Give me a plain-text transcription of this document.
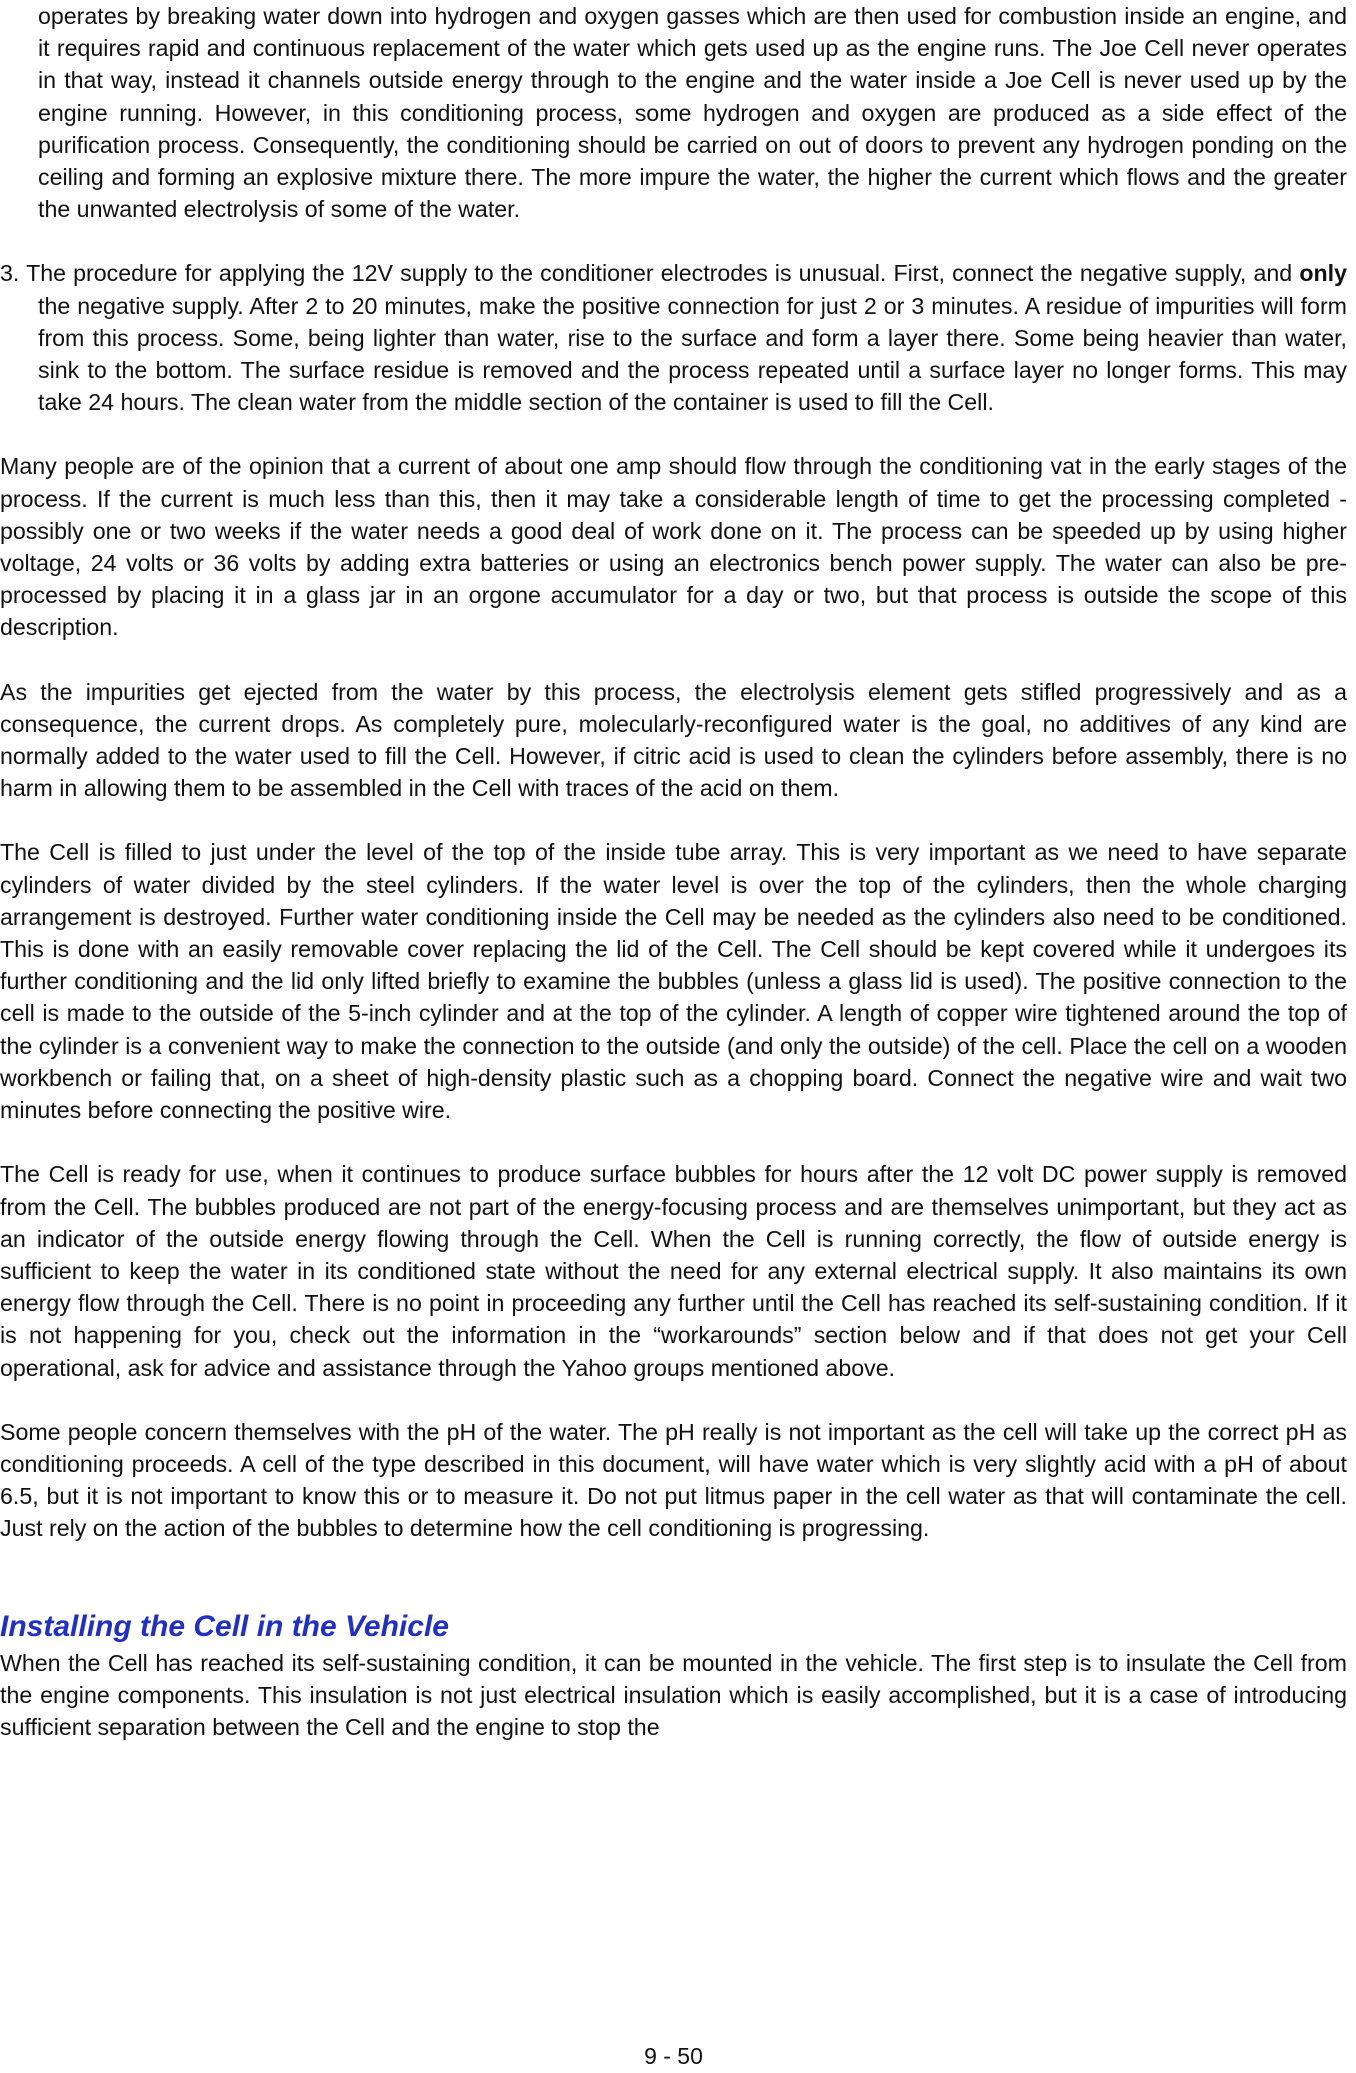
operates by breaking water down into hydrogen and oxygen gasses which are then used for combustion inside an engine, and it requires rapid and continuous replacement of the water which gets used up as the engine runs. The Joe Cell never operates in that way, instead it channels outside energy through to the engine and the water inside a Joe Cell is never used up by the engine running. However, in this conditioning process, some hydrogen and oxygen are produced as a side effect of the purification process. Consequently, the conditioning should be carried on out of doors to prevent any hydrogen ponding on the ceiling and forming an explosive mixture there. The more impure the water, the higher the current which flows and the greater the unwanted electrolysis of some of the water.

3. The procedure for applying the 12V supply to the conditioner electrodes is unusual. First, connect the negative supply, and only the negative supply. After 2 to 20 minutes, make the positive connection for just 2 or 3 minutes. A residue of impurities will form from this process. Some, being lighter than water, rise to the surface and form a layer there. Some being heavier than water, sink to the bottom. The surface residue is removed and the process repeated until a surface layer no longer forms. This may take 24 hours. The clean water from the middle section of the container is used to fill the Cell.

Many people are of the opinion that a current of about one amp should flow through the conditioning vat in the early stages of the process. If the current is much less than this, then it may take a considerable length of time to get the processing completed - possibly one or two weeks if the water needs a good deal of work done on it. The process can be speeded up by using higher voltage, 24 volts or 36 volts by adding extra batteries or using an electronics bench power supply. The water can also be pre-processed by placing it in a glass jar in an orgone accumulator for a day or two, but that process is outside the scope of this description.

As the impurities get ejected from the water by this process, the electrolysis element gets stifled progressively and as a consequence, the current drops. As completely pure, molecularly-reconfigured water is the goal, no additives of any kind are normally added to the water used to fill the Cell. However, if citric acid is used to clean the cylinders before assembly, there is no harm in allowing them to be assembled in the Cell with traces of the acid on them.

The Cell is filled to just under the level of the top of the inside tube array. This is very important as we need to have separate cylinders of water divided by the steel cylinders. If the water level is over the top of the cylinders, then the whole charging arrangement is destroyed. Further water conditioning inside the Cell may be needed as the cylinders also need to be conditioned. This is done with an easily removable cover replacing the lid of the Cell. The Cell should be kept covered while it undergoes its further conditioning and the lid only lifted briefly to examine the bubbles (unless a glass lid is used). The positive connection to the cell is made to the outside of the 5-inch cylinder and at the top of the cylinder. A length of copper wire tightened around the top of the cylinder is a convenient way to make the connection to the outside (and only the outside) of the cell. Place the cell on a wooden workbench or failing that, on a sheet of high-density plastic such as a chopping board. Connect the negative wire and wait two minutes before connecting the positive wire.

The Cell is ready for use, when it continues to produce surface bubbles for hours after the 12 volt DC power supply is removed from the Cell. The bubbles produced are not part of the energy-focusing process and are themselves unimportant, but they act as an indicator of the outside energy flowing through the Cell. When the Cell is running correctly, the flow of outside energy is sufficient to keep the water in its conditioned state without the need for any external electrical supply. It also maintains its own energy flow through the Cell. There is no point in proceeding any further until the Cell has reached its self-sustaining condition. If it is not happening for you, check out the information in the “workarounds” section below and if that does not get your Cell operational, ask for advice and assistance through the Yahoo groups mentioned above.

Some people concern themselves with the pH of the water. The pH really is not important as the cell will take up the correct pH as conditioning proceeds. A cell of the type described in this document, will have water which is very slightly acid with a pH of about 6.5, but it is not important to know this or to measure it. Do not put litmus paper in the cell water as that will contaminate the cell. Just rely on the action of the bubbles to determine how the cell conditioning is progressing.

Installing the Cell in the Vehicle

When the Cell has reached its self-sustaining condition, it can be mounted in the vehicle. The first step is to insulate the Cell from the engine components. This insulation is not just electrical insulation which is easily accomplished, but it is a case of introducing sufficient separation between the Cell and the engine to stop the

9 - 50
